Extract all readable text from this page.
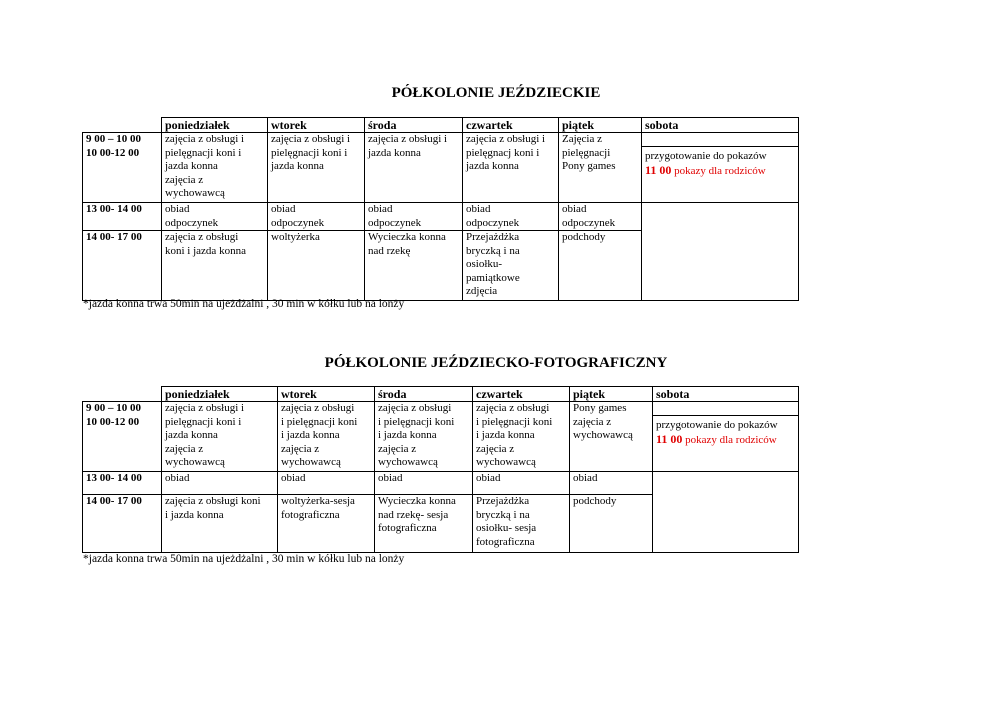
PÓŁKOLONIE JEŹDZIECKIE
	poniedziałek	wtorek	środa	czwartek	piątek	sobota

9 00 – 10 00
10 00-12 00	zajęcia z obsługi i
pielęgnacji koni i
jazda konna
zajęcia z
wychowawcą	zajęcia z obsługi i
pielęgnacji koni i
jazda konna	zajęcia z obsługi i
jazda konna	zajęcia z obsługi i
pielęgnacj koni i
jazda konna	Zajęcia z
pielęgnacji
Pony games	przygotowanie do pokazów
11 00 pokazy dla rodziców

13 00- 14 00	obiad
odpoczynek	obiad
odpoczynek	obiad
odpoczynek	obiad
odpoczynek	obiad
odpoczynek	

14 00- 17 00	zajęcia z obsługi
koni i jazda konna	woltyżerka	Wycieczka konna
nad rzekę	Przejażdżka
bryczką i na
osiołku-
pamiątkowe
zdjęcia	podchody	
*jazda konna trwa 50min na ujeżdżalni , 30 min w kółku lub na lonży
PÓŁKOLONIE JEŹDZIECKO-FOTOGRAFICZNY
	poniedziałek	wtorek	środa	czwartek	piątek	sobota

9 00 – 10 00
10 00-12 00	zajęcia z obsługi i
pielęgnacji koni i
jazda konna
zajęcia z
wychowawcą	zajęcia z obsługi
i pielęgnacji koni
i jazda konna
zajęcia z
wychowawcą	zajęcia z obsługi
i pielęgnacji koni
i jazda konna
zajęcia z
wychowawcą	zajęcia z obsługi
i pielęgnacji koni
i jazda konna
zajęcia z
wychowawcą	Pony games
zajęcia z
wychowawcą	przygotowanie do pokazów
11 00 pokazy dla rodziców

13 00- 14 00	obiad	obiad	obiad	obiad	obiad	

14 00- 17 00	zajęcia z obsługi koni
i jazda konna	woltyżerka-sesja
fotograficzna	Wycieczka konna
nad rzekę- sesja
fotograficzna	Przejażdżka
bryczką i na
osiołku- sesja
fotograficzna	podchody	
*jazda konna trwa 50min na ujeżdżalni , 30 min w kółku lub na lonży
